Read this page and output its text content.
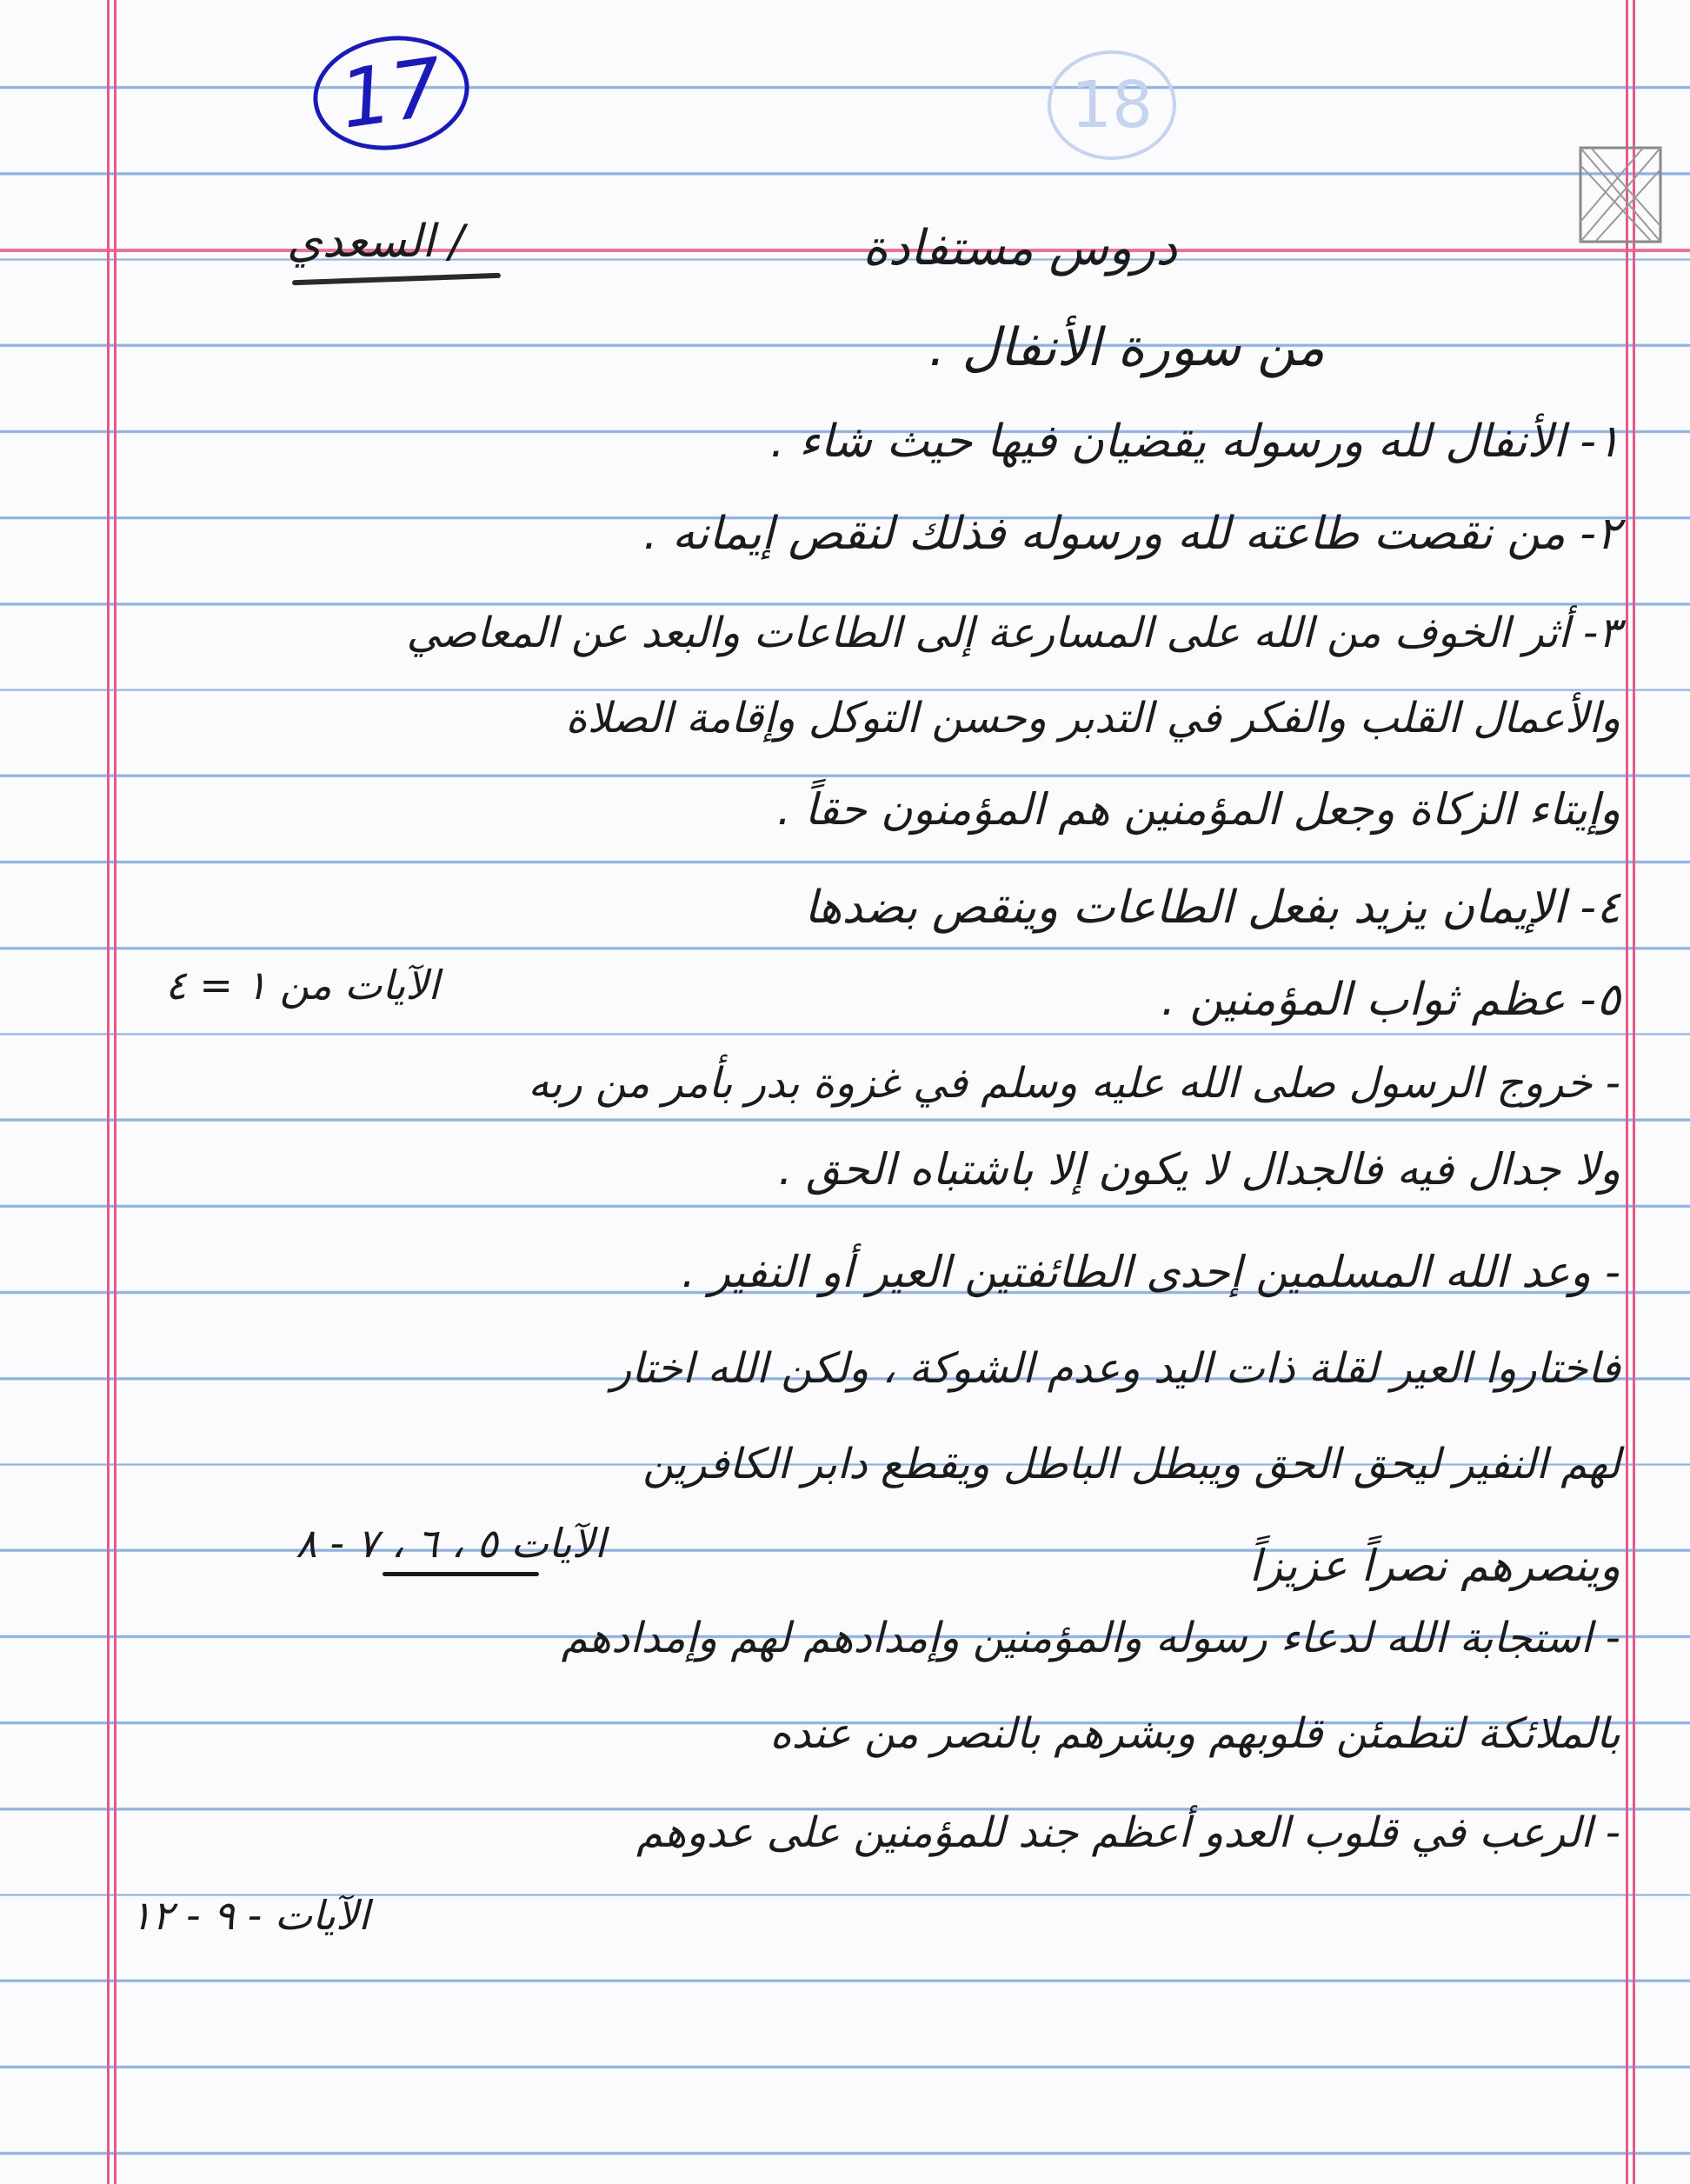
17	18
/ السعدي	دروس مستفادة
من سورة الأنفال .
١- الأنفال لله ورسوله يقضيان فيها حيث شاء .
٢- من نقصت طاعته لله ورسوله فذلك لنقص إيمانه .
٣- أثر الخوف من الله على المسارعة إلى الطاعات والبعد عن المعاصي
والأعمال القلب والفكر في التدبر وحسن التوكل وإقامة الصلاة
وإيتاء الزكاة وجعل المؤمنين هم المؤمنون حقاً .
٤- الإيمان يزيد بفعل الطاعات وينقص بضدها
٥- عظم ثواب المؤمنين .
الآيات من ١ = ٤
- خروج الرسول صلى الله عليه وسلم في غزوة بدر بأمر من ربه
ولا جدال فيه فالجدال لا يكون إلا باشتباه الحق .
- وعد الله المسلمين إحدى الطائفتين العير أو النفير .
فاختاروا العير لقلة ذات اليد وعدم الشوكة ، ولكن الله اختار
لهم النفير ليحق الحق ويبطل الباطل ويقطع دابر الكافرين
وينصرهم نصراً عزيزاً
الآيات ٥ ، ٦ ، ٧ - ٨
- استجابة الله لدعاء رسوله والمؤمنين وإمدادهم لهم وإمدادهم
بالملائكة لتطمئن قلوبهم وبشرهم بالنصر من عنده
- الرعب في قلوب العدو أعظم جند للمؤمنين على عدوهم
الآيات - ٩ - ١٢
